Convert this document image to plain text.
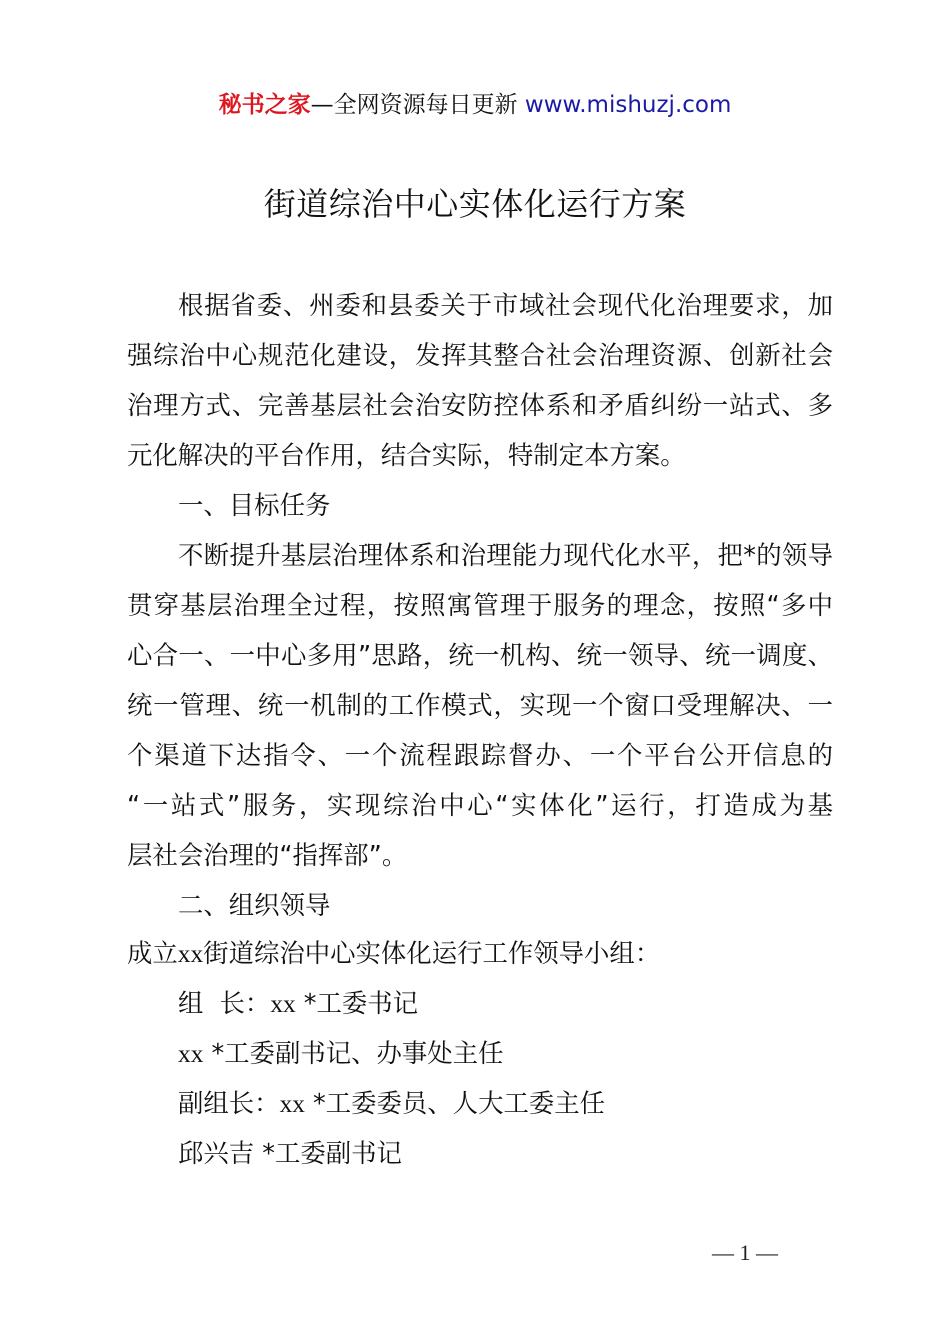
秘书之家—全网资源每日更新 www.mishuzj.com
街道综治中心实体化运行方案
根据省委、州委和县委关于市域社会现代化治理要求，加
强综治中心规范化建设，发挥其整合社会治理资源、创新社会
治理方式、完善基层社会治安防控体系和矛盾纠纷一站式、多
元化解决的平台作用，结合实际，特制定本方案。
一、目标任务
不断提升基层治理体系和治理能力现代化水平，把*的领导
贯穿基层治理全过程，按照寓管理于服务的理念，按照“多中
心合一、一中心多用”思路，统一机构、统一领导、统一调度、
统一管理、统一机制的工作模式，实现一个窗口受理解决、一
个渠道下达指令、一个流程跟踪督办、一个平台公开信息的
“一站式”服务，实现综治中心“实体化”运行，打造成为基
层社会治理的“指挥部”。
二、组织领导
成立xx街道综治中心实体化运行工作领导小组：
组  长：xx *工委书记
xx *工委副书记、办事处主任
副组长：xx *工委委员、人大工委主任
邱兴吉 *工委副书记
— 1 —
